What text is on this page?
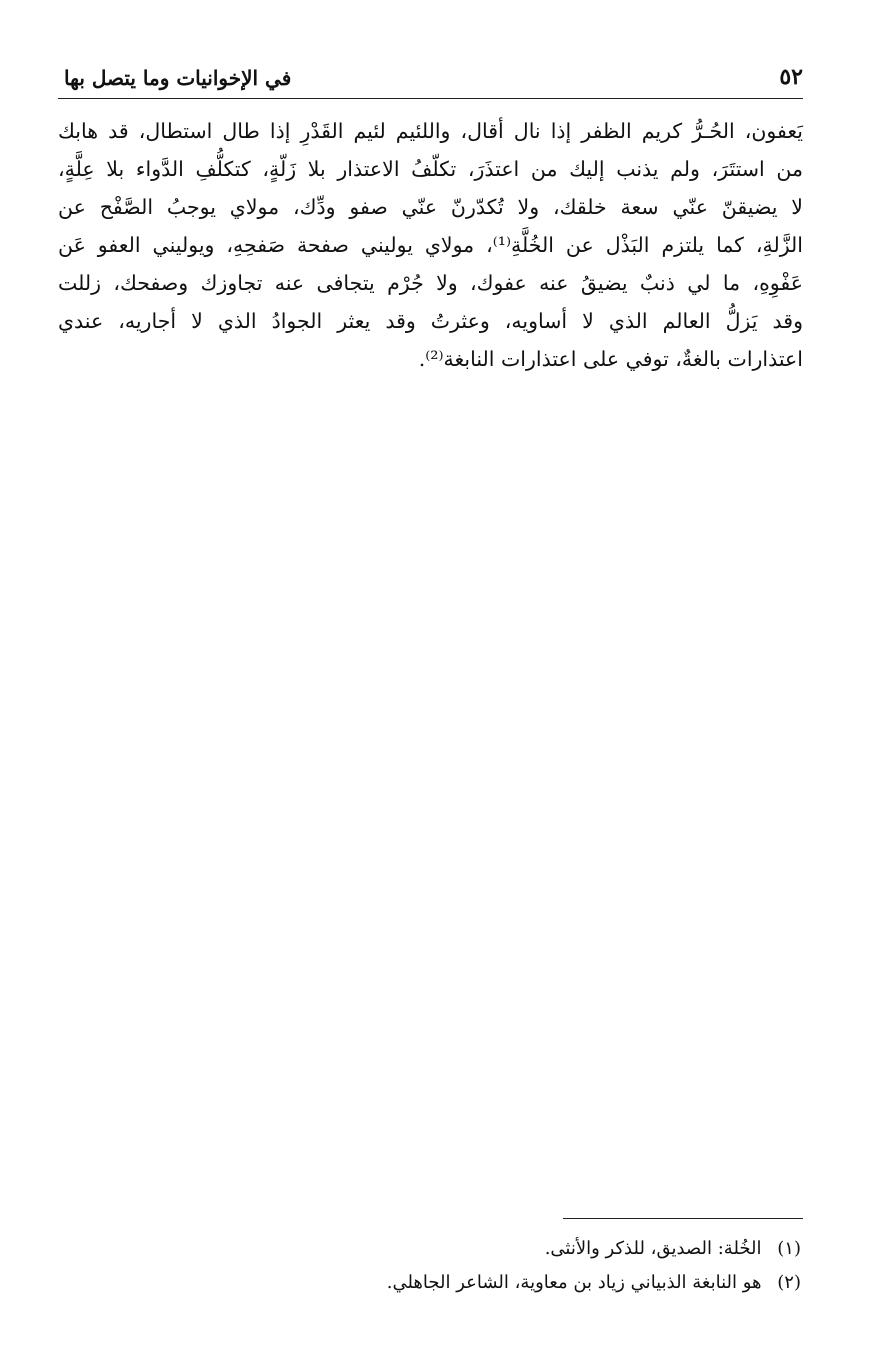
في الإخوانيات وما يتصل بها	٥٢
يَعفون، الحُـرُّ كريم الظفر إذا نال أقال، واللئيم لئيم القَدْرِ إذا طال استطال، قد هابك
من استتَرَ، ولم يذنب إليك من اعتذَرَ، تكلّفُ الاعتذار بلا زَلّةٍ، كتكلُّفِ الدَّواء بلا عِلَّةٍ،
لا يضيقنّ عنّي سعة خلقك، ولا تُكدّرنّ عنّي صفو ودِّك، مولاي يوجبُ الصَّفْح عن
الزَّلةِ، كما يلتزم البَذْل عن الخُلَّةِ⁽¹⁾، مولاي يوليني صفحة صَفحِهِ، ويوليني العفو عَن
عَفْوِهِ، ما لي ذنبٌ يضيقُ عنه عفوك، ولا جُرْم يتجافى عنه تجاوزك وصفحك، زللت
وقد يَزلُّ العالم الذي لا أساويه، وعثرتُ وقد يعثر الجوادُ الذي لا أجاريه، عندي
اعتذارات بالغةٌ، توفي على اعتذارات النابغة⁽²⁾.
(١) الخُلة: الصديق، للذكر والأنثى.
(٢) هو النابغة الذبياني زياد بن معاوية، الشاعر الجاهلي.
